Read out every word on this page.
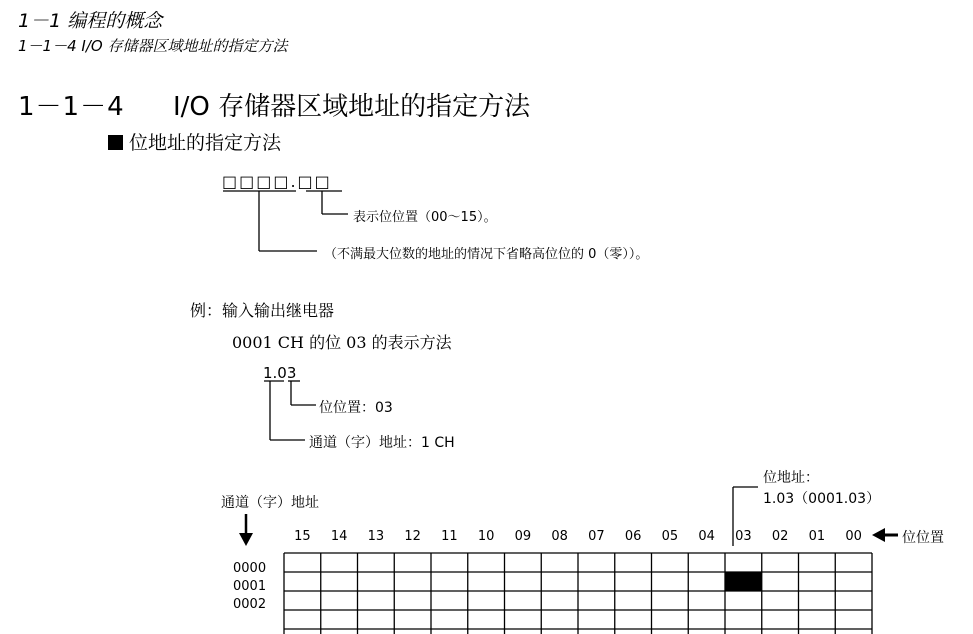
1－1 编程的概念
1－1－4 I/O 存储器区域地址的指定方法
1－1－4 I/O 存储器区域地址的指定方法
位地址的指定方法
□□□□.□□
表示位位置（00～15）。
（不满最大位数的地址的情况下省略高位位的 0（零））。
例：输入输出继电器
0001 CH 的位 03 的表示方法
1.03
位位置：03
通道（字）地址：1 CH
通道（字）地址
位地址：
1.03（0001.03）
位位置
15 14 13 12 11 10 09 08 07 06 05 04 03 02 01 00
0000
0001
0002
